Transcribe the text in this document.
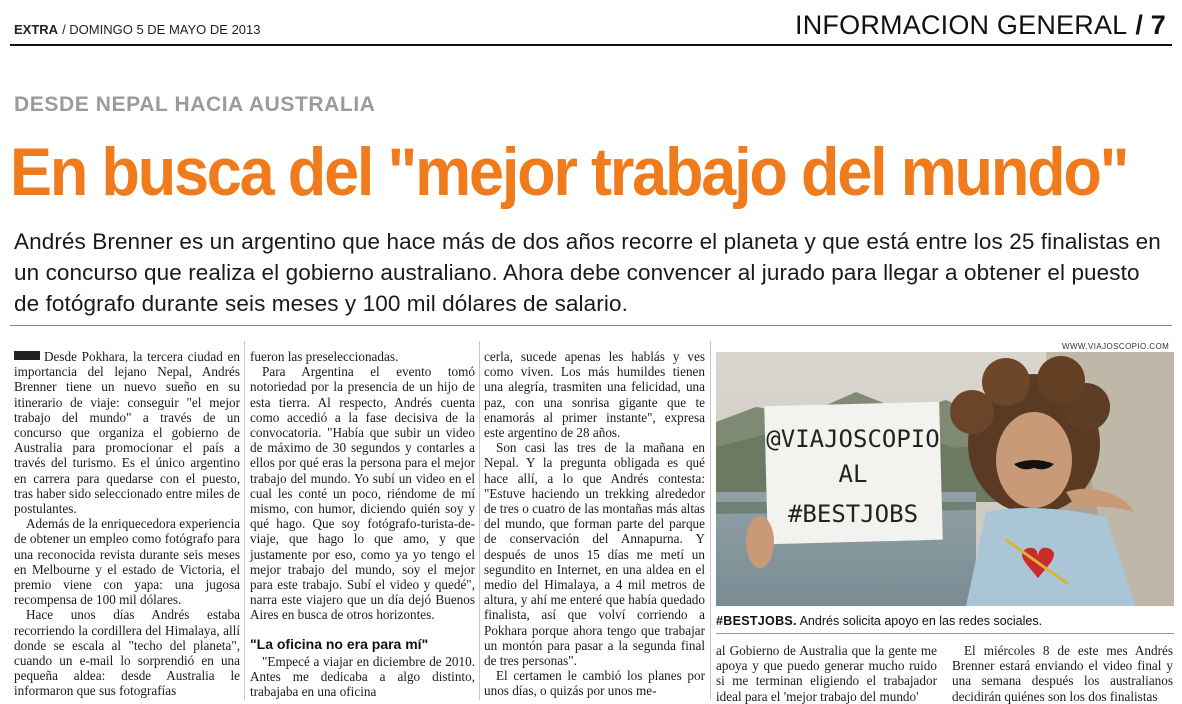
EXTRA / DOMINGO 5 DE MAYO DE 2013	INFORMACION GENERAL / 7
DESDE NEPAL HACIA AUSTRALIA
En busca del "mejor trabajo del mundo"
Andrés Brenner es un argentino que hace más de dos años recorre el planeta y que está entre los 25 finalistas en un concurso que realiza el gobierno australiano. Ahora debe convencer al jurado para llegar a obtener el puesto de fotógrafo durante seis meses y 100 mil dólares de salario.

Desde Pokhara, la tercera ciudad en importancia del lejano Nepal, Andrés Brenner tiene un nuevo sueño en su itinerario de viaje: conseguir "el mejor trabajo del mundo" a través de un concurso que organiza el gobierno de Australia para promocionar el país a través del turismo. Es el único argentino en carrera para quedarse con el puesto, tras haber sido seleccionado entre miles de postulantes.

Además de la enriquecedora experiencia de obtener un empleo como fotógrafo para una reconocida revista durante seis meses en Melbourne y el estado de Victoria, el premio viene con yapa: una jugosa recompensa de 100 mil dólares.

Hace unos días Andrés estaba recorriendo la cordillera del Himalaya, allí donde se escala al "techo del planeta", cuando un e-mail lo sorprendió en una pequeña aldea: desde Australia le informaron que sus fotografías

fueron las preseleccionadas.

Para Argentina el evento tomó notoriedad por la presencia de un hijo de esta tierra. Al respecto, Andrés cuenta como accedió a la fase decisiva de la convocatoria. "Había que subir un video de máximo de 30 segundos y contarles a ellos por qué eras la persona para el mejor trabajo del mundo. Yo subí un video en el cual les conté un poco, riéndome de mí mismo, con humor, diciendo quién soy y qué hago. Que soy fotógrafo-turista-de-viaje, que hago lo que amo, y que justamente por eso, como ya yo tengo el mejor trabajo del mundo, soy el mejor para este trabajo. Subí el video y quedé", narra este viajero que un día dejó Buenos Aires en busca de otros horizontes.

"La oficina no era para mí"

"Empecé a viajar en diciembre de 2010. Antes me dedicaba a algo distinto, trabajaba en una oficina

cerla, sucede apenas les hablás y ves como viven. Los más humildes tienen una alegría, trasmiten una felicidad, una paz, con una sonrisa gigante que te enamorás al primer instante", expresa este argentino de 28 años.

Son casi las tres de la mañana en Nepal. Y la pregunta obligada es qué hace allí, a lo que Andrés contesta: "Estuve haciendo un trekking alrededor de tres o cuatro de las montañas más altas del mundo, que forman parte del parque de conservación del Annapurna. Y después de unos 15 días me metí un segundito en Internet, en una aldea en el medio del Himalaya, a 4 mil metros de altura, y ahí me enteré que había quedado finalista, así que volví corriendo a Pokhara porque ahora tengo que trabajar un montón para pasar a la segunda final de tres personas".

El certamen le cambió los planes por unos días, o quizás por unos me-

WWW.VIAJOSCOPIO.COM
@VIAJOSCOPIO
AL
#BESTJOBS
#BESTJOBS. Andrés solicita apoyo en las redes sociales.

al Gobierno de Australia que la gente me apoya y que puedo generar mucho ruido si me terminan eligiendo el trabajador ideal para el 'mejor trabajo del mundo'

El miércoles 8 de este mes Andrés Brenner estará enviando el video final y una semana después los australianos decidirán quiénes son los dos finalistas
